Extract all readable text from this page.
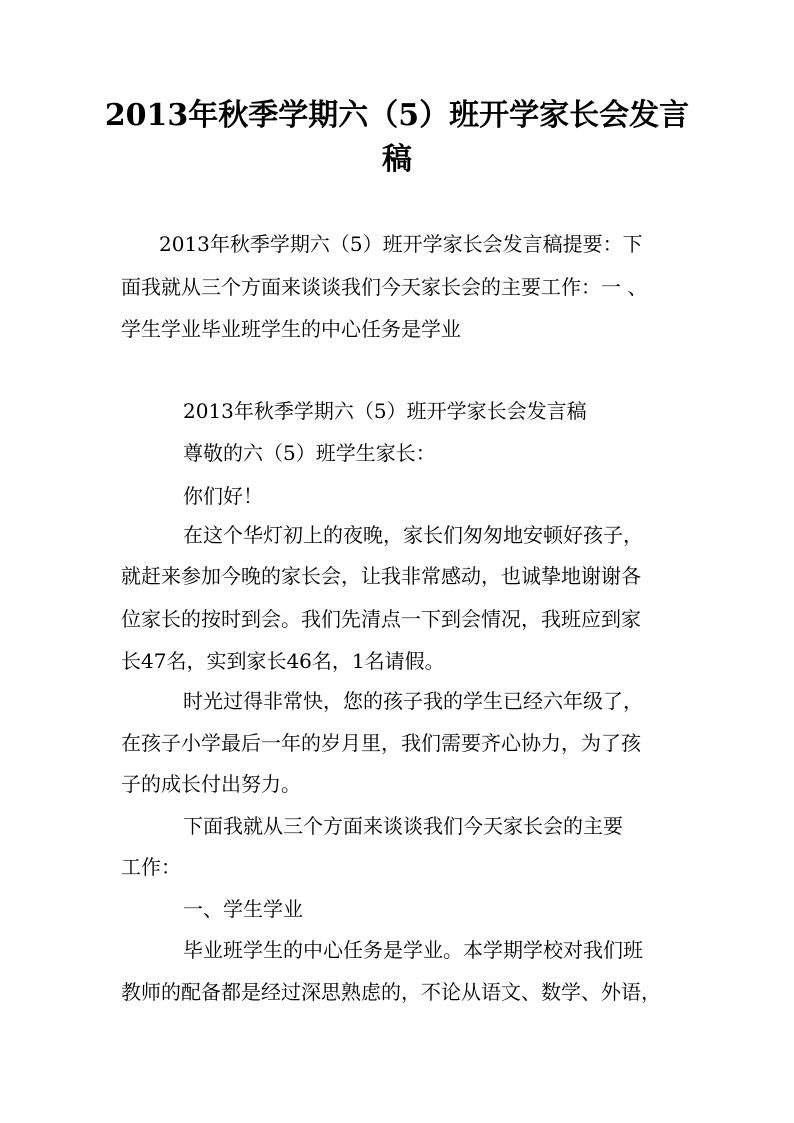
2013年秋季学期六（5）班开学家长会发言
稿

2013年秋季学期六（5）班开学家长会发言稿提要：下

面我就从三个方面来谈谈我们今天家长会的主要工作：一 、

学生学业毕业班学生的中心任务是学业

2013年秋季学期六（5）班开学家长会发言稿

尊敬的六（5）班学生家长：

你们好！

在这个华灯初上的夜晚，家长们匆匆地安顿好孩子，

就赶来参加今晚的家长会，让我非常感动，也诚挚地谢谢各

位家长的按时到会。我们先清点一下到会情况，我班应到家

长47名，实到家长46名，1名请假。

时光过得非常快，您的孩子我的学生已经六年级了，

在孩子小学最后一年的岁月里，我们需要齐心协力，为了孩

子的成长付出努力。

下面我就从三个方面来谈谈我们今天家长会的主要

工作：

一、学生学业

毕业班学生的中心任务是学业。本学期学校对我们班

教师的配备都是经过深思熟虑的，不论从语文、数学、外语，
